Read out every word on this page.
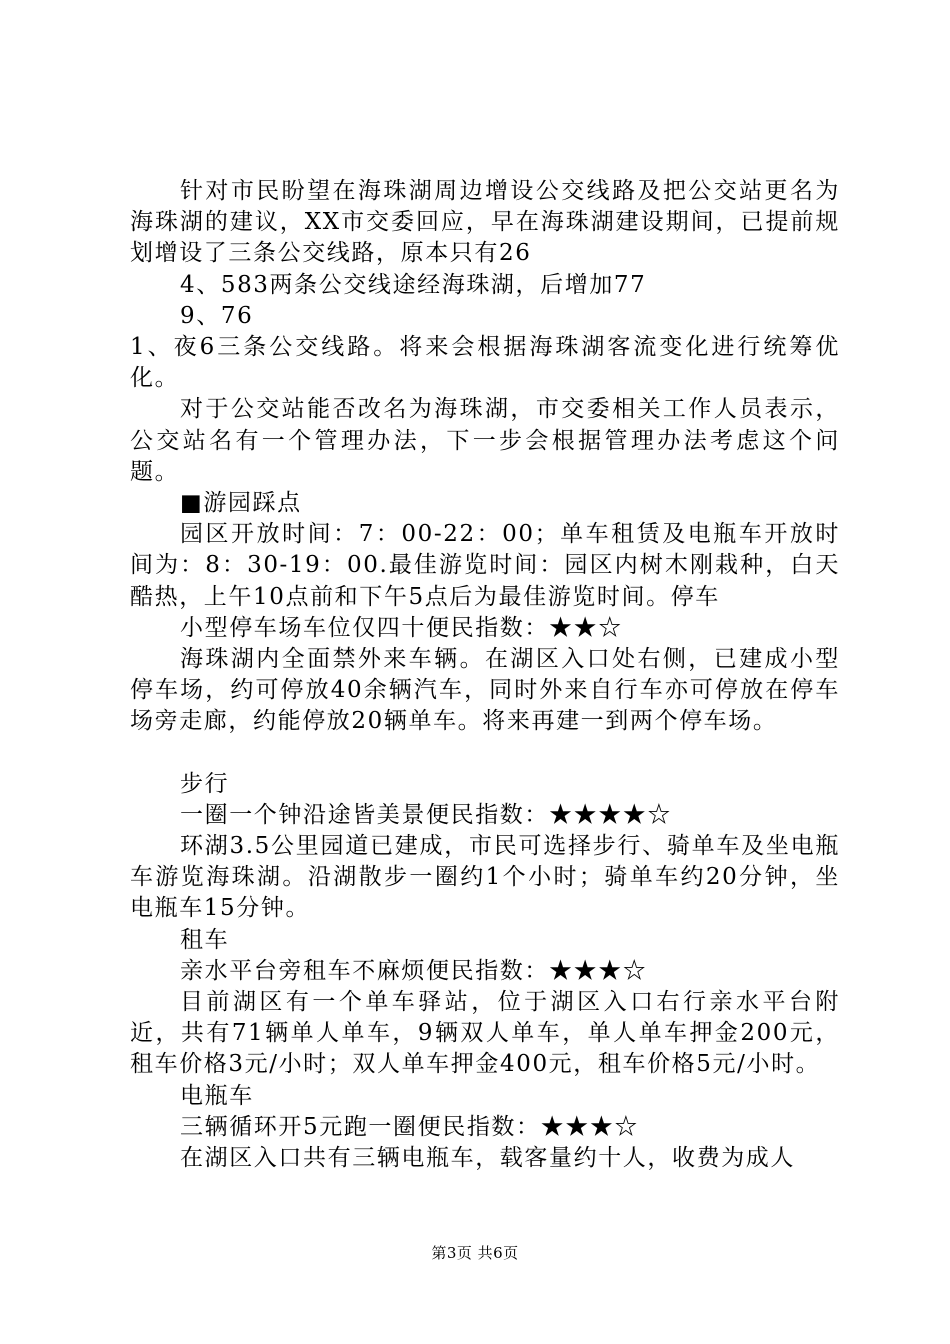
针对市民盼望在海珠湖周边增设公交线路及把公交站更名为海珠湖的建议，XX市交委回应，早在海珠湖建设期间，已提前规划增设了三条公交线路，原本只有26

4、583两条公交线途经海珠湖，后增加77

9、76

1、夜6三条公交线路。将来会根据海珠湖客流变化进行统筹优化。

对于公交站能否改名为海珠湖，市交委相关工作人员表示，公交站名有一个管理办法，下一步会根据管理办法考虑这个问题。

■游园踩点

园区开放时间：7：00-22：00；单车租赁及电瓶车开放时间为：8：30-19：00.最佳游览时间：园区内树木刚栽种，白天酷热，上午10点前和下午5点后为最佳游览时间。停车

小型停车场车位仅四十便民指数：★★☆

海珠湖内全面禁外来车辆。在湖区入口处右侧，已建成小型停车场，约可停放40余辆汽车，同时外来自行车亦可停放在停车场旁走廊，约能停放20辆单车。将来再建一到两个停车场。

步行

一圈一个钟沿途皆美景便民指数：★★★★☆

环湖3.5公里园道已建成，市民可选择步行、骑单车及坐电瓶车游览海珠湖。沿湖散步一圈约1个小时；骑单车约20分钟，坐电瓶车15分钟。

租车

亲水平台旁租车不麻烦便民指数：★★★☆

目前湖区有一个单车驿站，位于湖区入口右行亲水平台附近，共有71辆单人单车，9辆双人单车，单人单车押金200元，租车价格3元/小时；双人单车押金400元，租车价格5元/小时。

电瓶车

三辆循环开5元跑一圈便民指数：★★★☆

在湖区入口共有三辆电瓶车，载客量约十人，收费为成人

第3页 共6页
